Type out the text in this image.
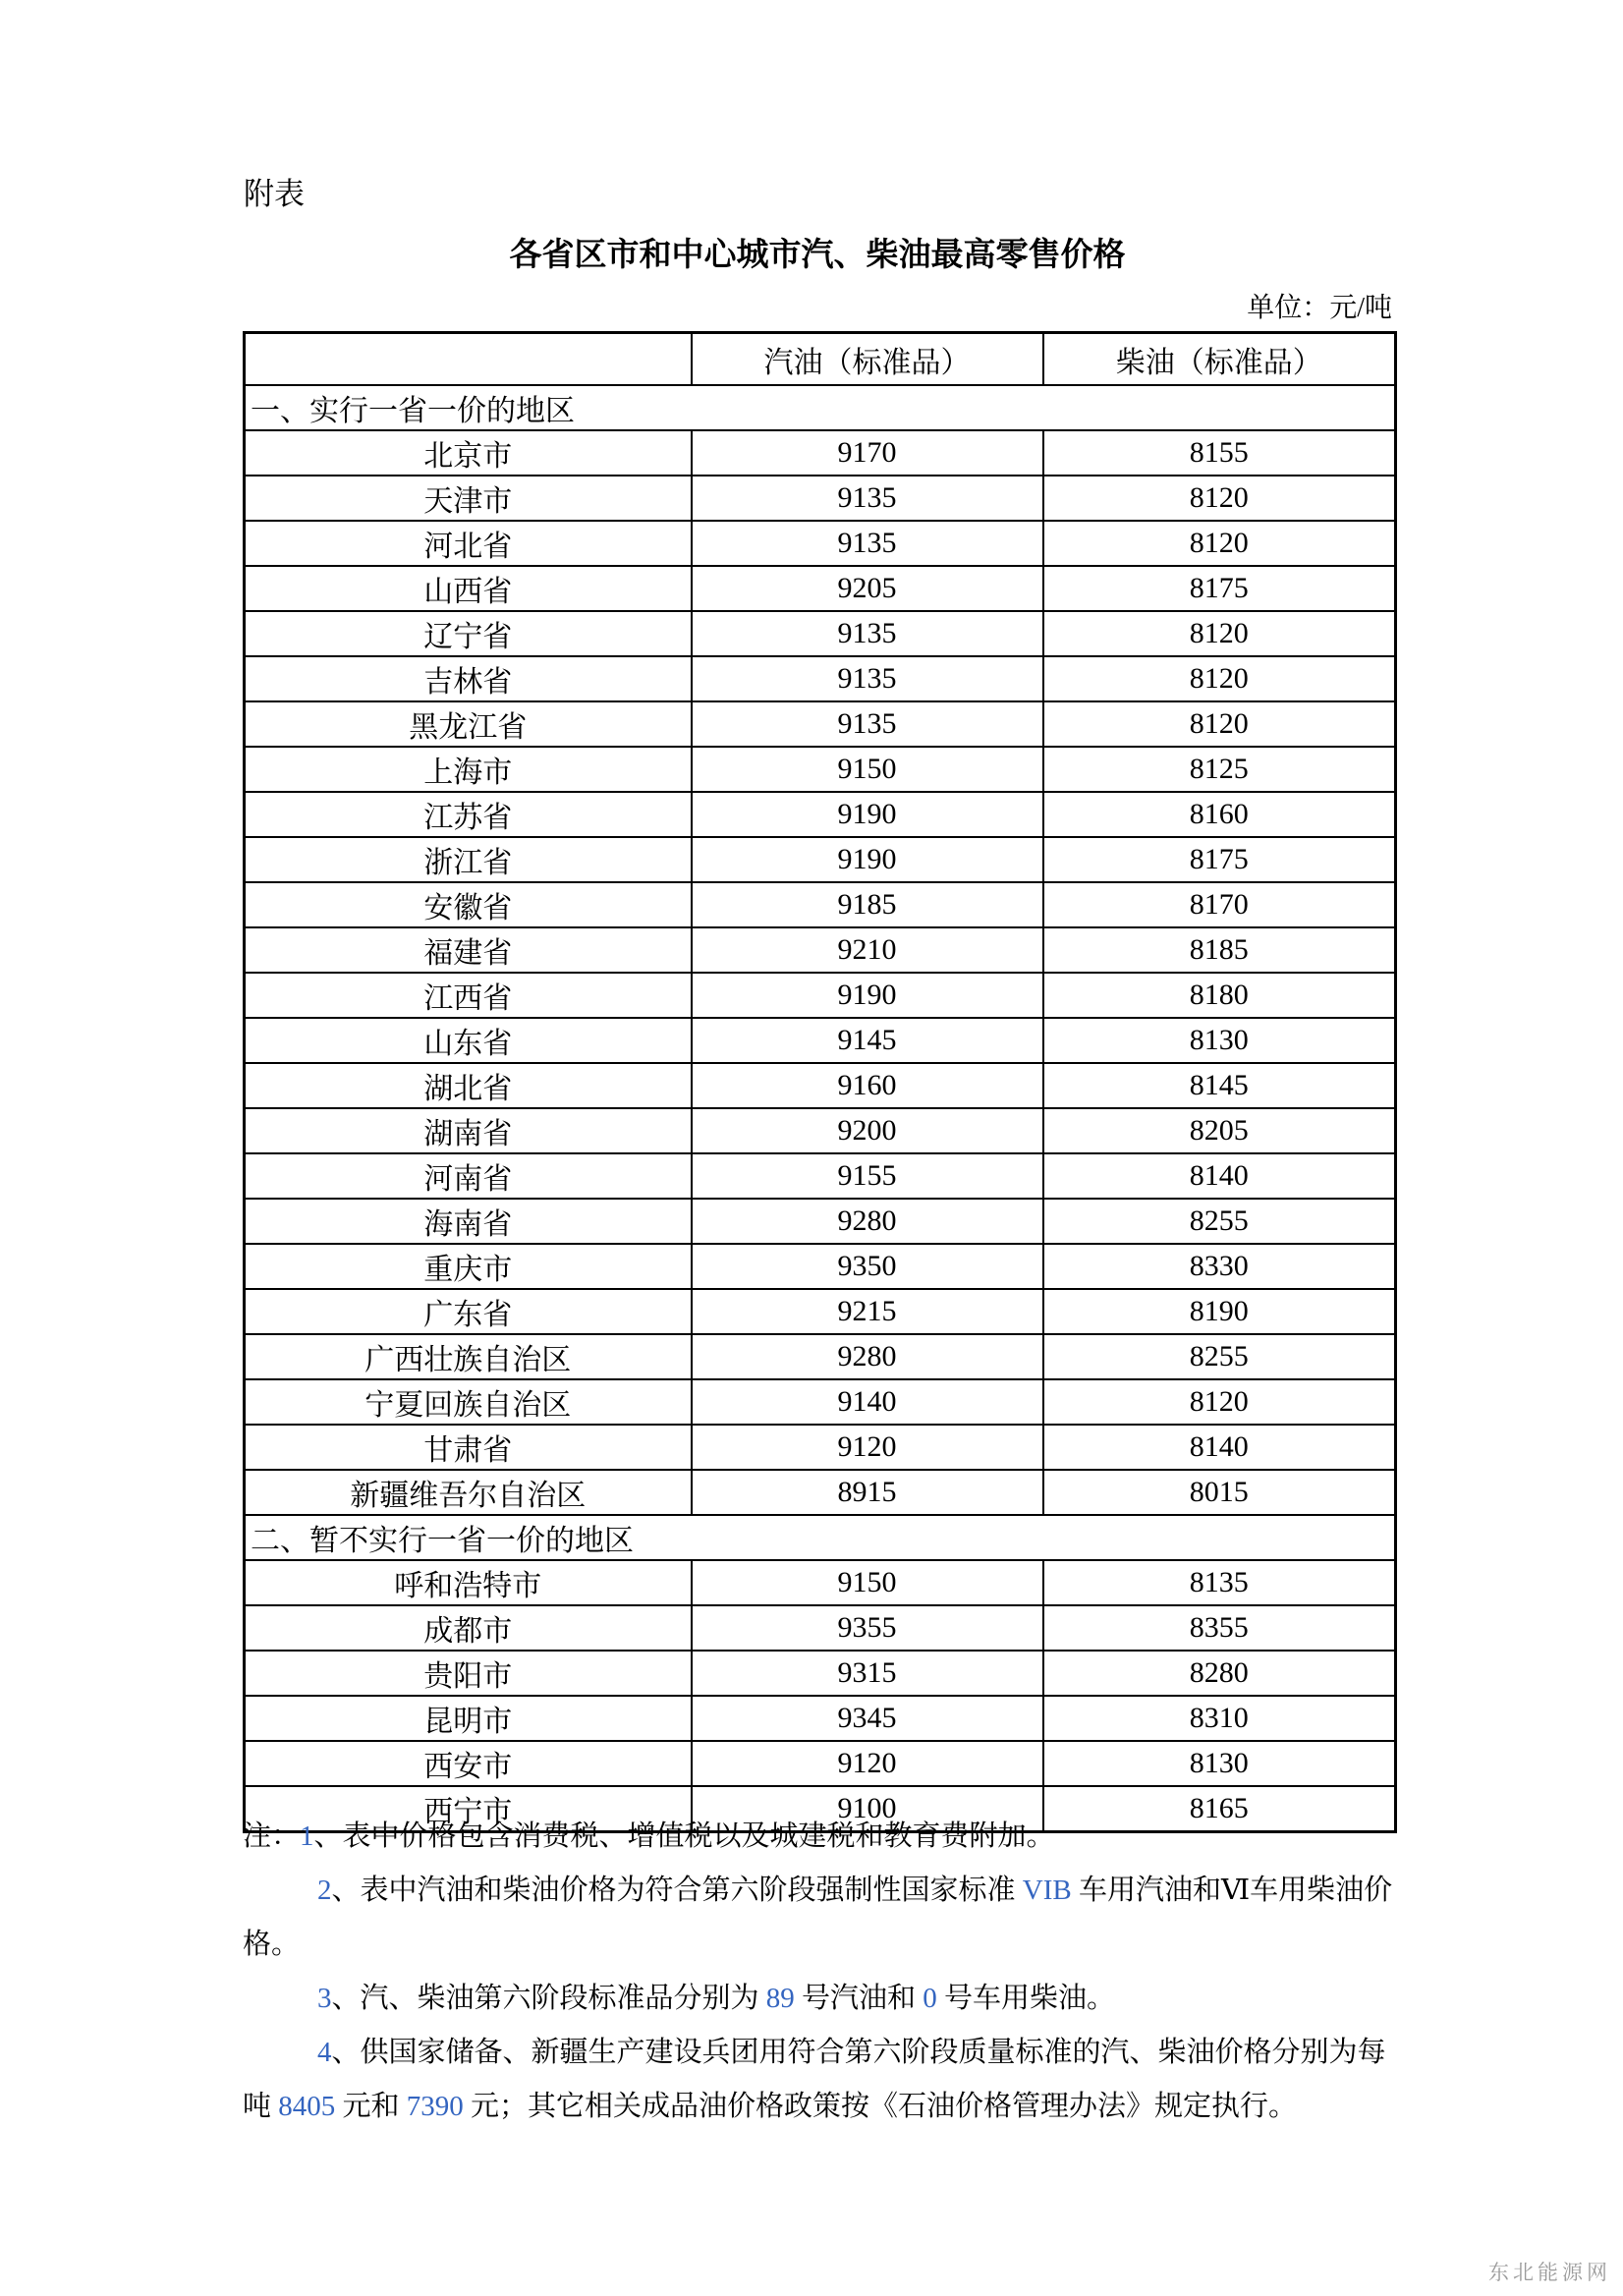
附表
各省区市和中心城市汽、柴油最高零售价格
单位：元/吨
	汽油（标准品）	柴油（标准品）
一、实行一省一价的地区		
北京市	9170	8155
天津市	9135	8120
河北省	9135	8120
山西省	9205	8175
辽宁省	9135	8120
吉林省	9135	8120
黑龙江省	9135	8120
上海市	9150	8125
江苏省	9190	8160
浙江省	9190	8175
安徽省	9185	8170
福建省	9210	8185
江西省	9190	8180
山东省	9145	8130
湖北省	9160	8145
湖南省	9200	8205
河南省	9155	8140
海南省	9280	8255
重庆市	9350	8330
广东省	9215	8190
广西壮族自治区	9280	8255
宁夏回族自治区	9140	8120
甘肃省	9120	8140
新疆维吾尔自治区	8915	8015
二、暂不实行一省一价的地区		
呼和浩特市	9150	8135
成都市	9355	8355
贵阳市	9315	8280
昆明市	9345	8310
西安市	9120	8130
西宁市	9100	8165

注：1、表中价格包含消费税、增值税以及城建税和教育费附加。

2、表中汽油和柴油价格为符合第六阶段强制性国家标准 VIB 车用汽油和Ⅵ车用柴油价格。

3、汽、柴油第六阶段标准品分别为 89 号汽油和 0 号车用柴油。

4、供国家储备、新疆生产建设兵团用符合第六阶段质量标准的汽、柴油价格分别为每吨 8405 元和 7390 元；其它相关成品油价格政策按《石油价格管理办法》规定执行。

东北能源网
